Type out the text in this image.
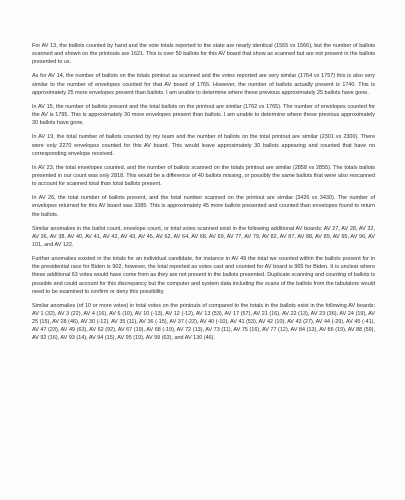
For AV 13, the ballots counted by hand and the vote totals reported to the state are nearly identical (1565 vs 1566), but the number of ballots scanned and shown on the printouts are 1621. This is over 50 ballots for this AV board that show as scanned but are not present in the ballots presented to us.

As for AV 14, the number of ballots on the totals printout as scanned and the votes reported are very similar (1764 vs 1757) this is also very similar to the number of envelopes counted for that AV board of 1765. However, the number of ballots actually present is 1740. This is approximately 25 more envelopes present than ballots. I am unable to determine where these previous approximately 25 ballots have gone.

In AV 15, the number of ballots present and the total ballots on the printout are similar (1762 vs 1765). The number of envelopes counted for the AV is 1795. This is approximately 30 more envelopes present than ballots. I am unable to determine where these previous approximately 30 ballots have gone.

In AV 19, the total number of ballots counted by my team and the number of ballots on the total printout are similar (2301 vs 2300). There were only 2270 envelopes counted for this AV board. This would leave approximately 30 ballots appearing and counted that have no corresponding envelope received.

In AV 23, the total envelopes counted, and the number of ballots scanned on the totals printout are similar (2858 vs 2855). The totals ballots presented in our count was only 2818. This would be a difference of 40 ballots missing, or possibly the same ballots that were also rescanned to account for scanned total than total ballots present.

In AV 26, the total number of ballots present, and the total number scanned on the printout are similar (3426 vs 3430). The number of envelopes returned for this AV board was 3385. This is approximately 45 more ballots presented and counted than envelopes found to return the ballots.

Similar anomalies in the ballot count, envelope count, or total votes scanned exist in the following additional AV boards: AV 27, AV 28, AV 32, AV 36, AV 38, AV 40, AV 41, AV 42, AV 43, AV 45, AV 62, AV 64, AV 68, AV 69, AV 77, AV 79, AV 82, AV 87, AV 88, AV 89, AV 95, AV 96, AV 101, and AV 122.

Further anomalies existed in the totals for an individual candidate, for instance in AV 49 the total we counted within the ballots present for in the presidential race for Biden is 902, however, the total reported as votes cast and counted for AV board is 965 for Biden. It is unclear where these additional 63 votes would have come from as they are not present in the ballots presented. Duplicate scanning and counting of ballots is possible and could account for this discrepancy but the computer and system data including the scans of the ballots from the tabulators would need to be examined to confirm or deny this possibility.

Similar anomalies (of 10 or more votes) in total votes on the printouts of compared to the totals in the ballots exist in the following AV boards: AV 1 (32), AV 3 (22), AV 4 (16), AV 6 (10), AV 10 (-13), AV 12 (-12), AV 13 (53), AV 17 (57), AV 21 (16), AV 22 (13), AV 23 (36), AV 24 (19), AV 25 (15), AV 28 (46), AV 30 (-12), AV 35 (11), AV 36 (-15), AV 37 (-22), AV 40 (-10), AV 41 (53), AV 42 (10), AV 43 (27), AV 44 (-29), AV 45 (-41), AV 47 (23), AV 49 (63), AV 62 (92), AV 67 (19), AV 68 (-19), AV 72 (13), AV 73 (11), AV 75 (16), AV 77 (12), AV 84 (13), AV 86 (19), AV 88 (59), AV 92 (16), AV 93 (14), AV 94 (15), AV 95 (19), AV 99 (63), and AV 130 (46).
